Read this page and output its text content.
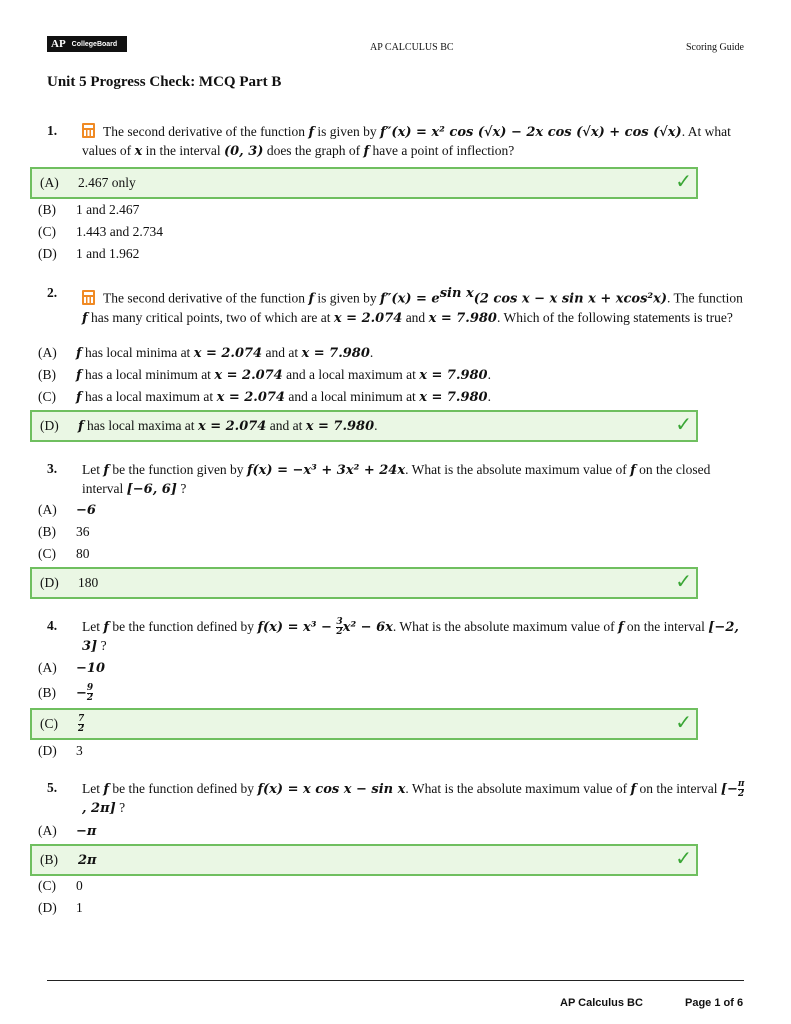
AP CollegeBoard	AP CALCULUS BC	Scoring Guide
Unit 5 Progress Check: MCQ Part B
1.	The second derivative of the function f is given by f″(x) = x² cos (√x) − 2x cos (√x) + cos (√x). At what values of x in the interval (0, 3) does the graph of f have a point of inflection?
(A)	2.467 only	✓
(B)	1 and 2.467
(C)	1.443 and 2.734
(D)	1 and 1.962
2.	The second derivative of the function f is given by $f''(x) = e^{sin x}(2$ cos x − x sin x + xcos²x). The function f has many critical points, two of which are at x = 2.074 and x = 7.980. Which of the following statements is true?
(A)	f
has local minima at
x = 2.074
and at
x = 7.980 .
(B)	f
has a local minimum at
x = 2.074
and a local maximum at
x = 7.980 .
(C)	f
has a local maximum at
x = 2.074
and a local minimum at
x = 7.980 .
(D)	f
has local maxima at
x = 2.074
and at
x = 7.980 .	✓
3. Let f be the function given by f(x) = −x³ + 3x² + 24x. What is the absolute maximum value of f on the closed interval [−6, 6] ?
(A)	−6
(B)	36
(C)	80
(D)	180	✓
4. Let f be the function defined by $f(x) = x^3 - \frac{3}{2} x^2 - 6x$. What is the absolute maximum value of f on the interval [−2, 3] ?
(A)	−10
(B)	− $\frac{9}{2}$
(C)	$\frac{7}{2}$	✓
(D)	3
5. Let f be the function defined by f(x) = x cos x − sin x. What is the absolute maximum value of f on the interval [− $\frac{\pi}{2}$
, 2π] ?
(A)	−π
(B)	2π	✓
(C)	0
(D)	1
AP Calculus BC	Page 1 of 6
